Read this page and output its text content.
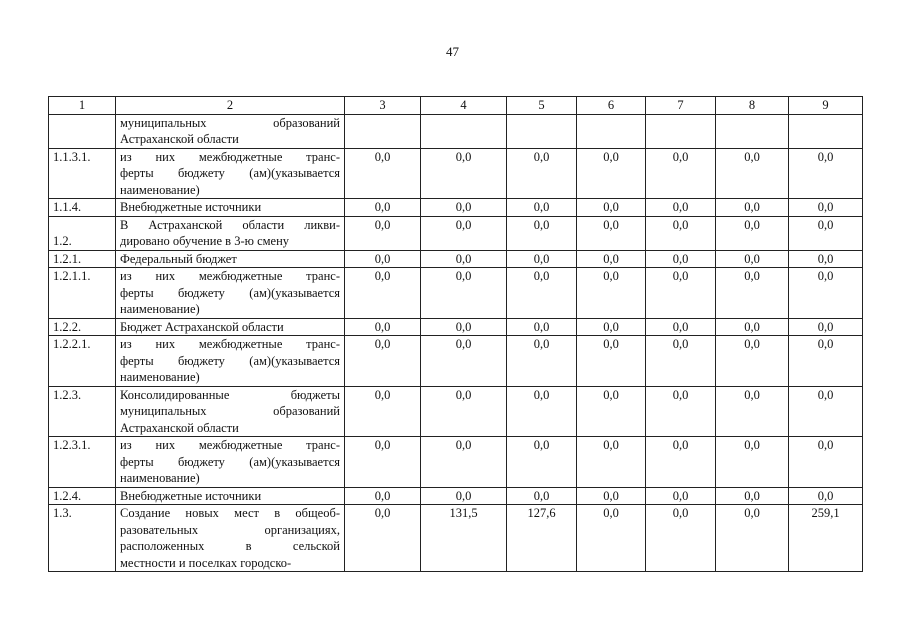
47
1	2	3	4	5	6	7	8	9

	муниципальных образований
Астраханской области							

1.1.3.1.	из них межбюджетные транс-
ферты бюджету (ам)(указывается
наименование)	0,0	0,0	0,0	0,0	0,0	0,0	0,0
1.1.4.	Внебюджетные источники	0,0	0,0	0,0	0,0	0,0	0,0	0,0
1.2.	В Астраханской области ликви-
дировано обучение в 3-ю смену	0,0	0,0	0,0	0,0	0,0	0,0	0,0
1.2.1.	Федеральный бюджет	0,0	0,0	0,0	0,0	0,0	0,0	0,0
1.2.1.1.	из них межбюджетные транс-
ферты бюджету (ам)(указывается
наименование)	0,0	0,0	0,0	0,0	0,0	0,0	0,0
1.2.2.	Бюджет Астраханской области	0,0	0,0	0,0	0,0	0,0	0,0	0,0
1.2.2.1.	из них межбюджетные транс-
ферты бюджету (ам)(указывается
наименование)	0,0	0,0	0,0	0,0	0,0	0,0	0,0
1.2.3.	Консолидированные бюджеты
муниципальных образований
Астраханской области	0,0	0,0	0,0	0,0	0,0	0,0	0,0
1.2.3.1.	из них межбюджетные транс-
ферты бюджету (ам)(указывается
наименование)	0,0	0,0	0,0	0,0	0,0	0,0	0,0
1.2.4.	Внебюджетные источники	0,0	0,0	0,0	0,0	0,0	0,0	0,0
1.3.	Создание новых мест в общеоб-
разовательных организациях,
расположенных в сельской
местности и поселках городско-	0,0	131,5	127,6	0,0	0,0	0,0	259,1
